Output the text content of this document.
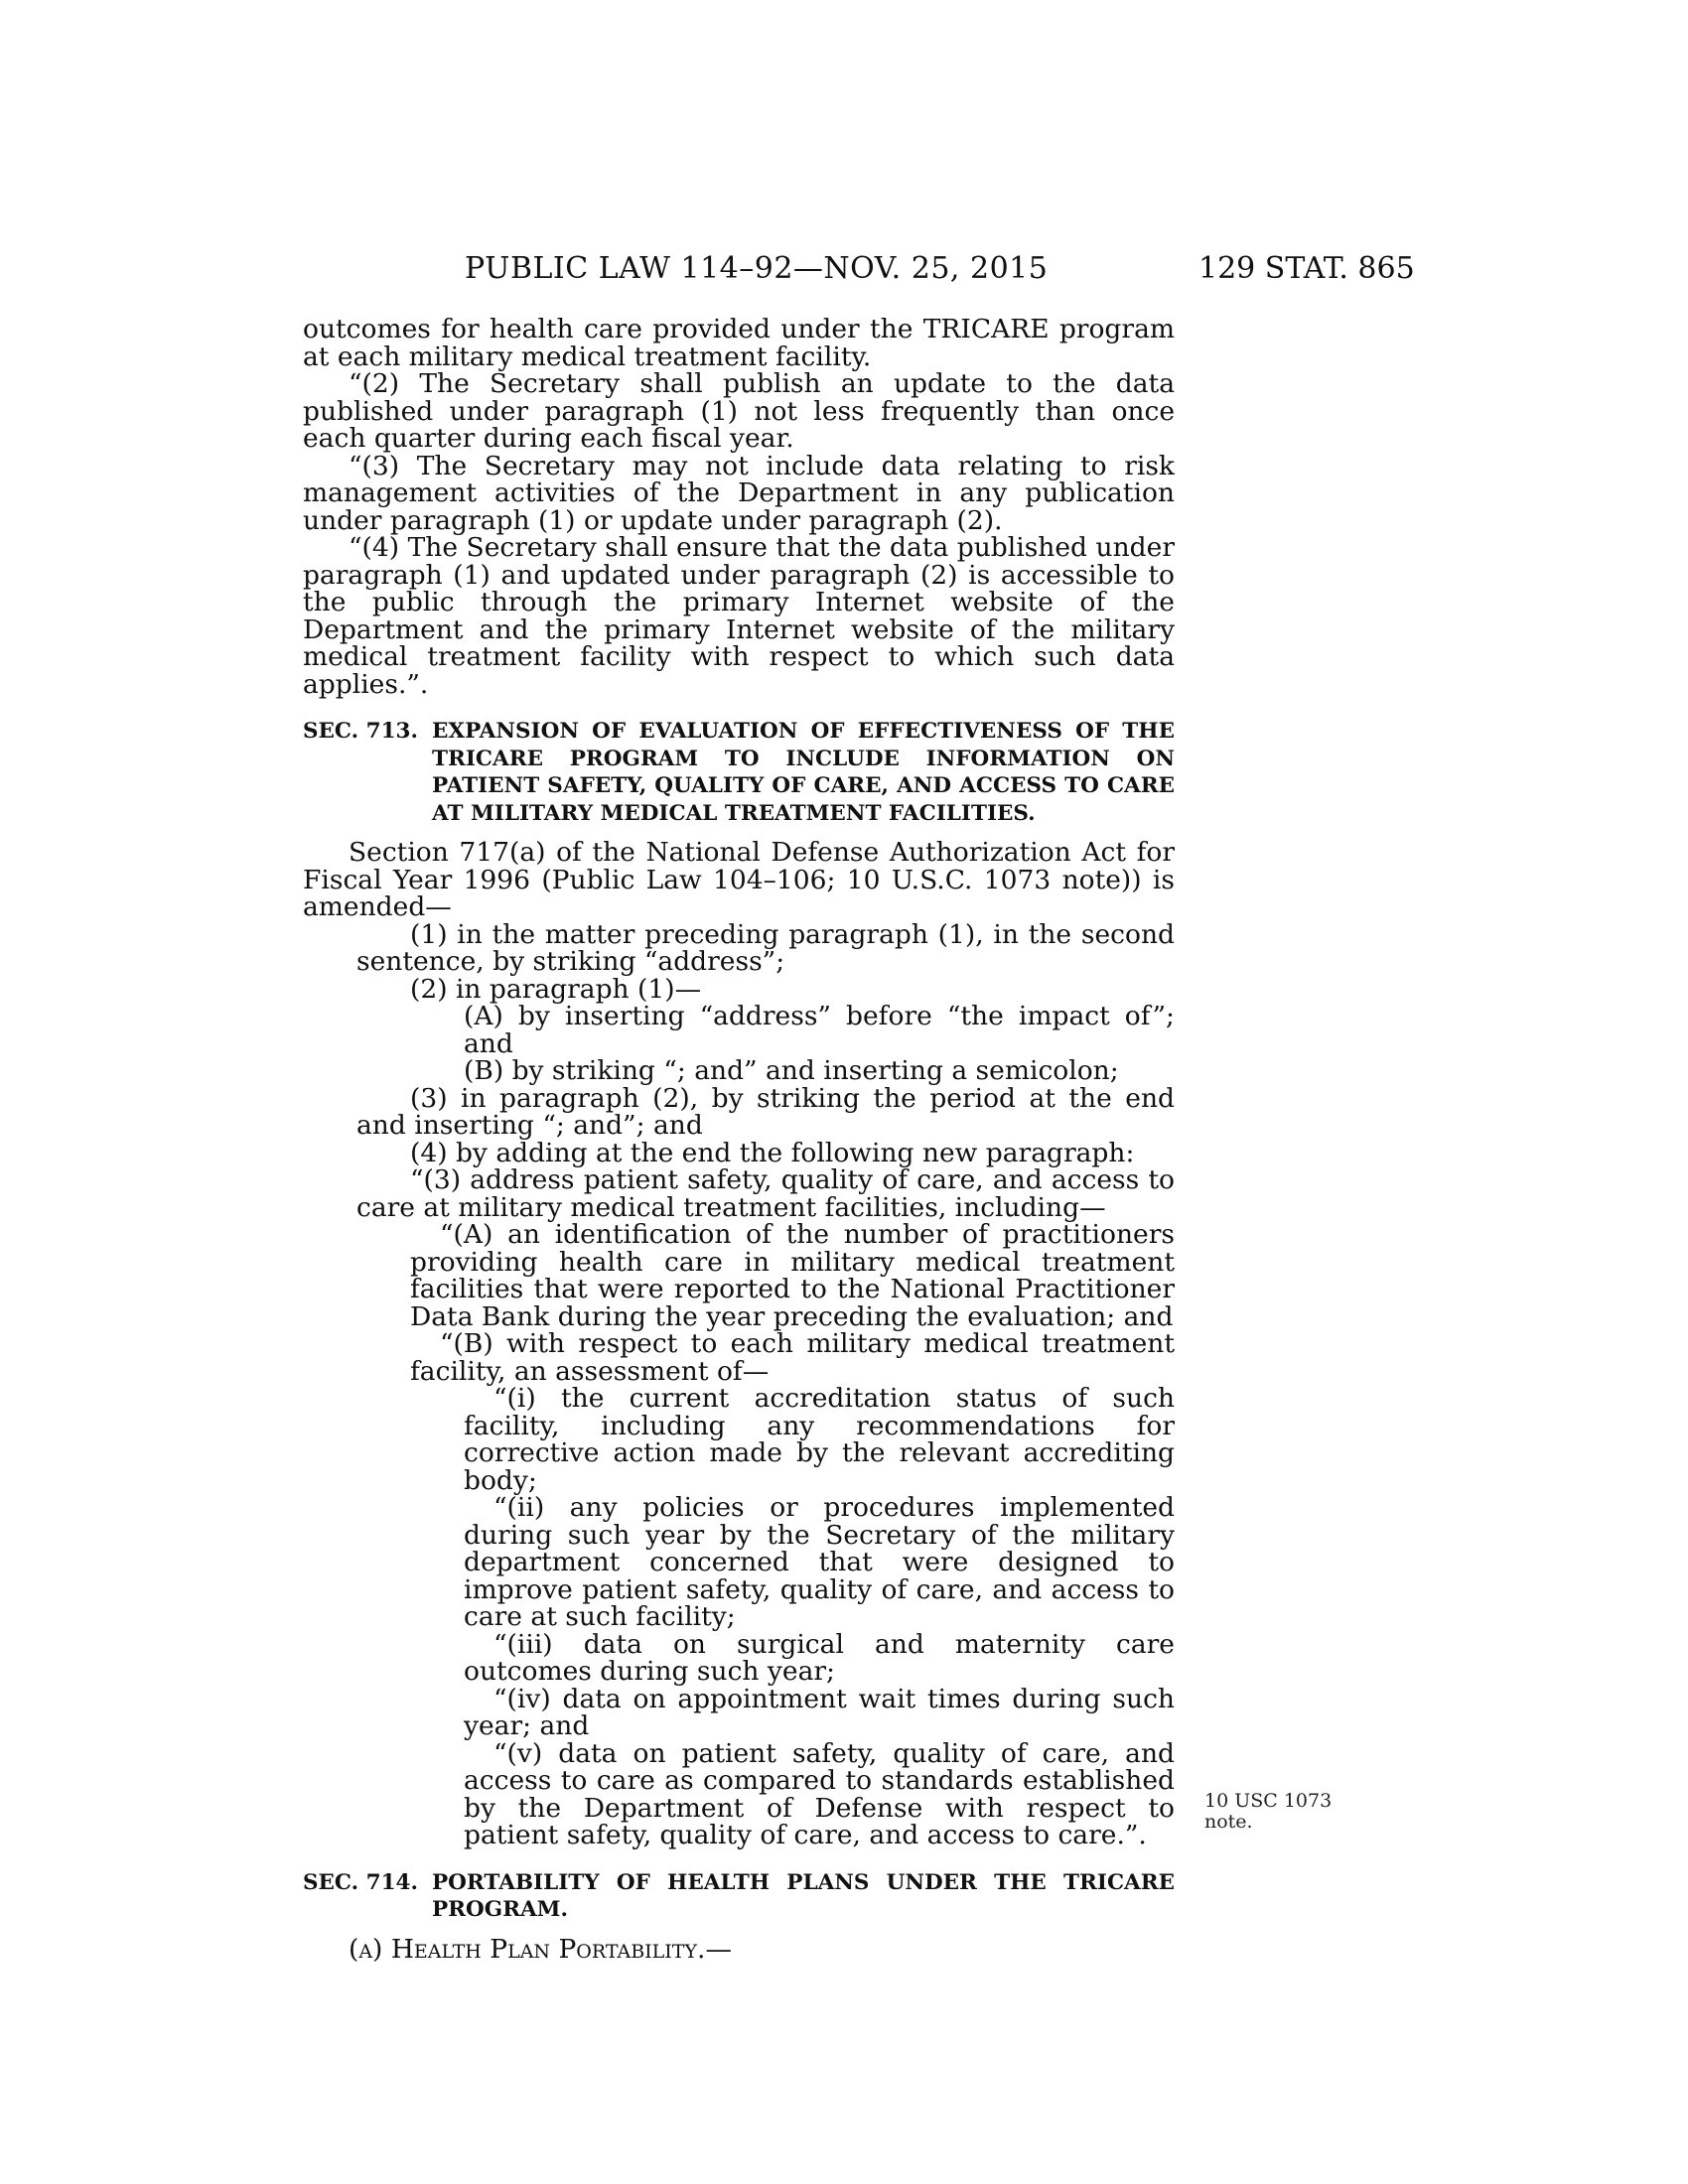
PUBLIC LAW 114–92—NOV. 25, 2015	129 STAT. 865

outcomes for health care provided under the TRICARE program at each military medical treatment facility.

“(2) The Secretary shall publish an update to the data published under paragraph (1) not less frequently than once each quarter during each fiscal year.

“(3) The Secretary may not include data relating to risk management activities of the Department in any publication under paragraph (1) or update under paragraph (2).

“(4) The Secretary shall ensure that the data published under paragraph (1) and updated under paragraph (2) is accessible to the public through the primary Internet website of the Department and the primary Internet website of the military medical treatment facility with respect to which such data applies.”.

SEC. 713. EXPANSION OF EVALUATION OF EFFECTIVENESS OF THE TRICARE PROGRAM TO INCLUDE INFORMATION ON PATIENT SAFETY, QUALITY OF CARE, AND ACCESS TO CARE AT MILITARY MEDICAL TREATMENT FACILITIES.

Section 717(a) of the National Defense Authorization Act for Fiscal Year 1996 (Public Law 104–106; 10 U.S.C. 1073 note)) is amended—

(1) in the matter preceding paragraph (1), in the second sentence, by striking “address”;

(2) in paragraph (1)—

(A) by inserting “address” before “the impact of”; and

(B) by striking “; and” and inserting a semicolon;

(3) in paragraph (2), by striking the period at the end and inserting “; and”; and

(4) by adding at the end the following new paragraph:

“(3) address patient safety, quality of care, and access to care at military medical treatment facilities, including—

“(A) an identification of the number of practitioners providing health care in military medical treatment facilities that were reported to the National Practitioner Data Bank during the year preceding the evaluation; and

“(B) with respect to each military medical treatment facility, an assessment of—

“(i) the current accreditation status of such facility, including any recommendations for corrective action made by the relevant accrediting body;

“(ii) any policies or procedures implemented during such year by the Secretary of the military department concerned that were designed to improve patient safety, quality of care, and access to care at such facility;

“(iii) data on surgical and maternity care outcomes during such year;

“(iv) data on appointment wait times during such year; and

“(v) data on patient safety, quality of care, and access to care as compared to standards established by the Department of Defense with respect to patient safety, quality of care, and access to care.”.

SEC. 714. PORTABILITY OF HEALTH PLANS UNDER THE TRICARE PROGRAM.

(a) Health Plan Portability.—

10 USC 1073
note.
